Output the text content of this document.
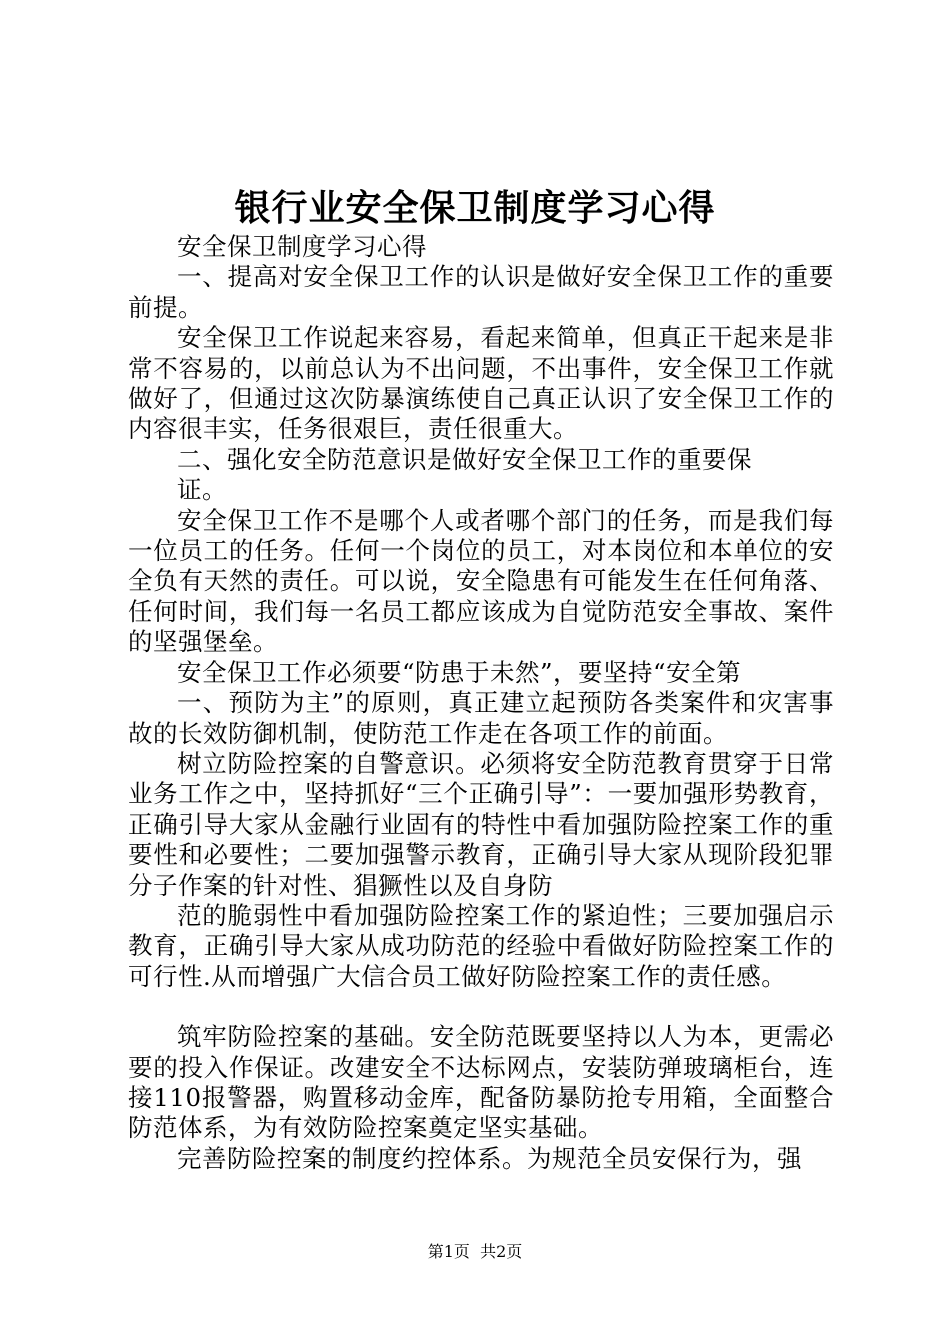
银行业安全保卫制度学习心得

安全保卫制度学习心得

一、提高对安全保卫工作的认识是做好安全保卫工作的重要前提。

安全保卫工作说起来容易，看起来简单，但真正干起来是非常不容易的，以前总认为不出问题，不出事件，安全保卫工作就做好了，但通过这次防暴演练使自己真正认识了安全保卫工作的内容很丰实，任务很艰巨，责任很重大。

二、强化安全防范意识是做好安全保卫工作的重要保

证。

安全保卫工作不是哪个人或者哪个部门的任务，而是我们每一位员工的任务。任何一个岗位的员工，对本岗位和本单位的安全负有天然的责任。可以说，安全隐患有可能发生在任何角落、任何时间，我们每一名员工都应该成为自觉防范安全事故、案件的坚强堡垒。

安全保卫工作必须要“防患于未然”，要坚持“安全第

一、预防为主”的原则，真正建立起预防各类案件和灾害事故的长效防御机制，使防范工作走在各项工作的前面。

树立防险控案的自警意识。必须将安全防范教育贯穿于日常业务工作之中，坚持抓好“三个正确引导”：一要加强形势教育，正确引导大家从金融行业固有的特性中看加强防险控案工作的重要性和必要性；二要加强警示教育，正确引导大家从现阶段犯罪分子作案的针对性、猖獗性以及自身防

范的脆弱性中看加强防险控案工作的紧迫性；三要加强启示教育，正确引导大家从成功防范的经验中看做好防险控案工作的可行性.从而增强广大信合员工做好防险控案工作的责任感。

筑牢防险控案的基础。安全防范既要坚持以人为本，更需必要的投入作保证。改建安全不达标网点，安装防弹玻璃柜台，连接110报警器，购置移动金库，配备防暴防抢专用箱，全面整合防范体系，为有效防险控案奠定坚实基础。

完善防险控案的制度约控体系。为规范全员安保行为，强

第1页  共2页
